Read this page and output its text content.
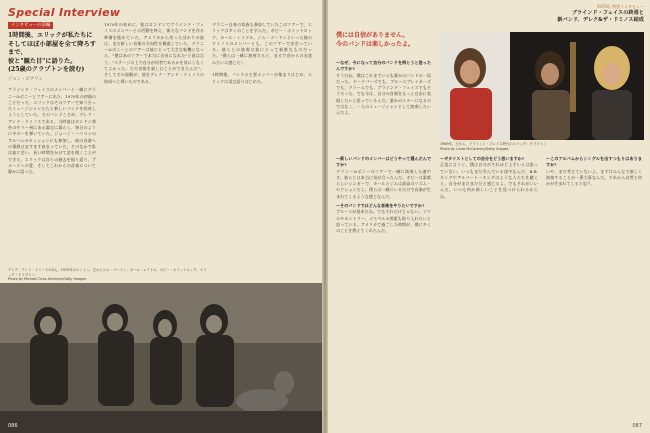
Special Interview
インタビューの前編
1時間後、エリックが私たちに
そしてほぼ小部屋を全て降ろすまで、
彼と"観た目"に語りた。
(25歳のクラプトンを読む)
ジョン・ピアソン

ブラインド・フェイスのメンバーと一緒にデラニー&ボニーとツアーに出た、1970年の初頭のことだった。エリックはそのツアーで知り合ったミュージシャンたちと新しいバンドを結成しようとしていた。そのバンドこそが、デレク・アンド・ドミノスである。当時彼はロンドン郊外のサリー州にある邸宅に暮らし、毎日のようにギターを弾いていた。ジョージ・ハリスンのアルバムのセッションにも参加し、彼の音楽への情熱はますます高まっていた。そのなかで私は彼に会い、長い時間をかけて話を聞くことができた。エリックは自らの過去を振り返り、ブルースへの愛、そしてこれからの音楽について静かに語った。

1970年の初めに、彼はロンドンでブラインド・フェイスのメンバーとの活動を終え、新たなバンドを作る準備を進めていた。アメリカから戻ったばかりの彼は、まだ新しい音楽の方向性を模索していた。デラニー&ボニーとのツアーは彼にとって大きな転機となった。"僕はあのツアーで本当に自由になれた"と彼は言う。"ステージの上で自分が何者であるかを気にしなくてよかった。ただ音楽を楽しむことができたんだ"。そしてその経験が、彼をデレク・アンド・ドミノスの結成へと導いたのである。
デラニー自身の家族も参加していたこのツアーで、エリックは多くのことを学んだ。ボビー・ホイットロック、カール・レイドル、ジム・ゴードンといった後のドミノスのメンバーとも、このツアーで出会っている。彼らとの演奏は彼にとって新鮮なものだった。"僕らは一緒に演奏すると、まるで昔からの友達みたいに感じた"。

1時間後、バンドの主要メンバーが集まりはじめ、エリックは再び語りはじめた。
デレク・アンド・ドミノスの4人。1970年のロンドン。左からジム・ゴードン、カール・レイドル、ボビー・ホイットロック、エリック・クラプトン
Photo by Michael Ochs Archives/Getty Images
086
1970年 特別インタビュー
ブラインド・フェイスの終焉と
新バンド、デレク&ザ・ドミノス結成
僕には自信がありません。
今のバンドは楽しかったよ。

—なぜ、今になって自分のバンドを持とうと思ったんですか?

そうだね。僕はこれまでいつも誰かのバンドの一員だった。ヤードバーズでも、ブルースブレイカーズでも、クリームでも、ブラインド・フェイスでもそうだった。でも今は、自分の音楽をもっと自由に表現したいと思っているんだ。誰かのスターになるのではなく、一人のミュージシャンとして演奏したいんだよ。

1969年、左から、ブラインド・フェイス時代のエリック・クラプトン
Photo by Linda McCartney/Getty Images

—新しいバンドのメンバーはどうやって選んだんですか?

デラニー&ボニーのツアーで一緒に演奏した連中さ。彼らとは本当に気が合ったんだ。ボビーは素晴らしいシンガーで、カールとジムは最高のリズム・セクションだよ。僕らは一緒にいるだけで音楽が生まれてくるような感じなんだ。

—そのバンドではどんな音楽をやりたいですか?

ブルースが基本だね。でもそれだけじゃない。ソウルやカントリー、ゴスペルの要素も取り入れたいと思っている。アメリカで過ごした時間が、僕に多くのことを教えてくれたんだ。

—ギタリストとしての自分をどう思いますか?

正直に言うと、僕は自分がそれほど上手いとは思っていない。いつもまだ学んでいる途中なんだ。B.B.キングやアルバート・キングのような人たちを聴くと、自分がまだまだだと感じるよ。でもそれがいいんだ。いつも何か新しいことを見つけられるからね。

—このアルバムからシングルを出すつもりはありますか?

いや、まだ考えていないよ。まずはみんなで楽しく演奏することが一番大事なんだ。それから自然と何かが生まれてくると思う。

087
